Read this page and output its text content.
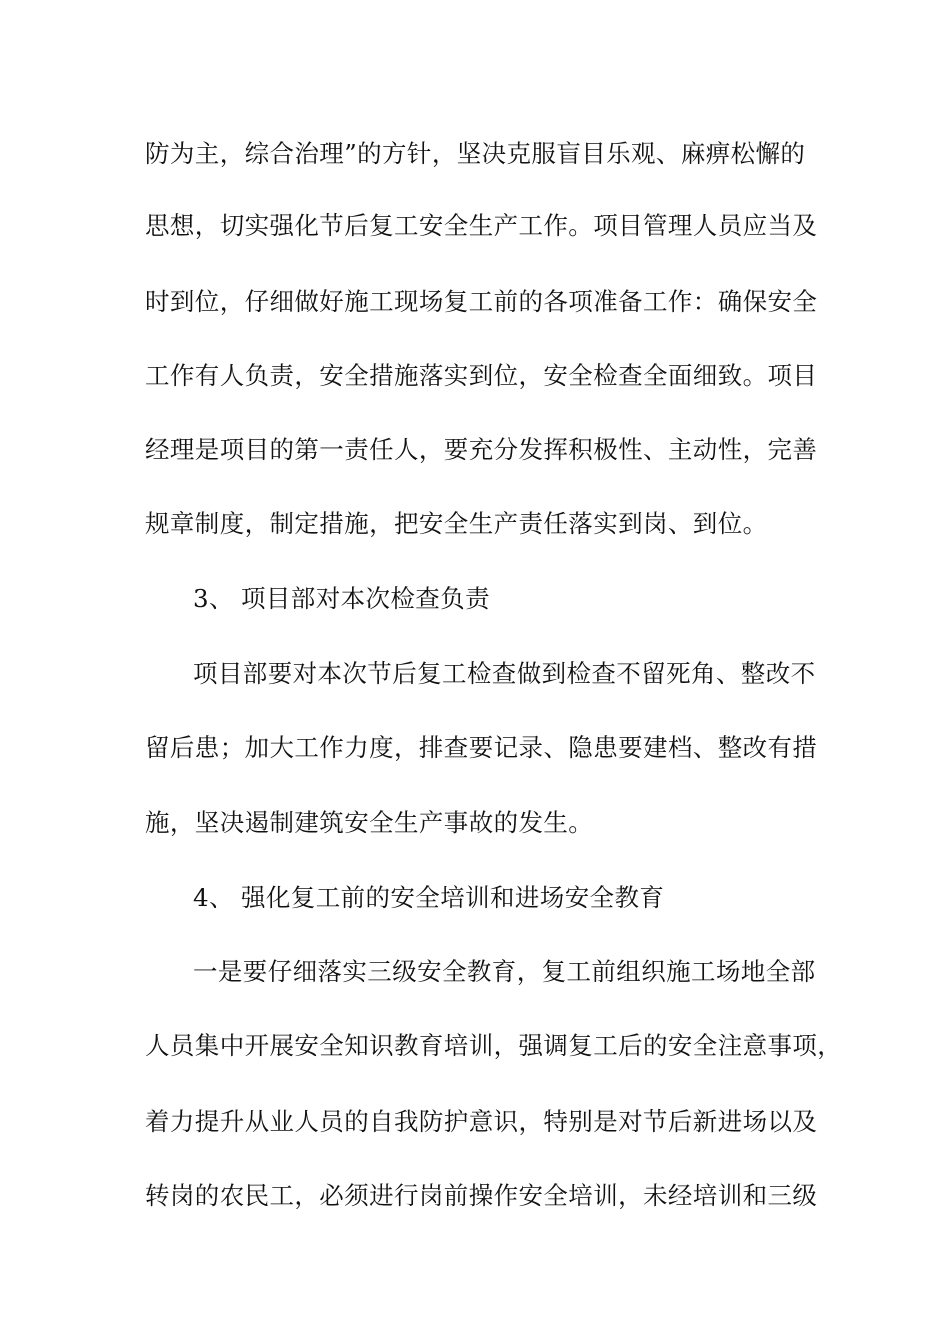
防为主，综合治理”的方针，坚决克服盲目乐观、麻痹松懈的
思想，切实强化节后复工安全生产工作。项目管理人员应当及
时到位，仔细做好施工现场复工前的各项准备工作：确保安全
工作有人负责，安全措施落实到位，安全检查全面细致。项目
经理是项目的第一责任人，要充分发挥积极性、主动性，完善
规章制度，制定措施，把安全生产责任落实到岗、到位。
3、 项目部对本次检查负责
项目部要对本次节后复工检查做到检查不留死角、整改不
留后患；加大工作力度，排查要记录、隐患要建档、整改有措
施，坚决遏制建筑安全生产事故的发生。
4、 强化复工前的安全培训和进场安全教育
一是要仔细落实三级安全教育，复工前组织施工场地全部
人员集中开展安全知识教育培训，强调复工后的安全注意事项，
着力提升从业人员的自我防护意识，特别是对节后新进场以及
转岗的农民工，必须进行岗前操作安全培训，未经培训和三级
